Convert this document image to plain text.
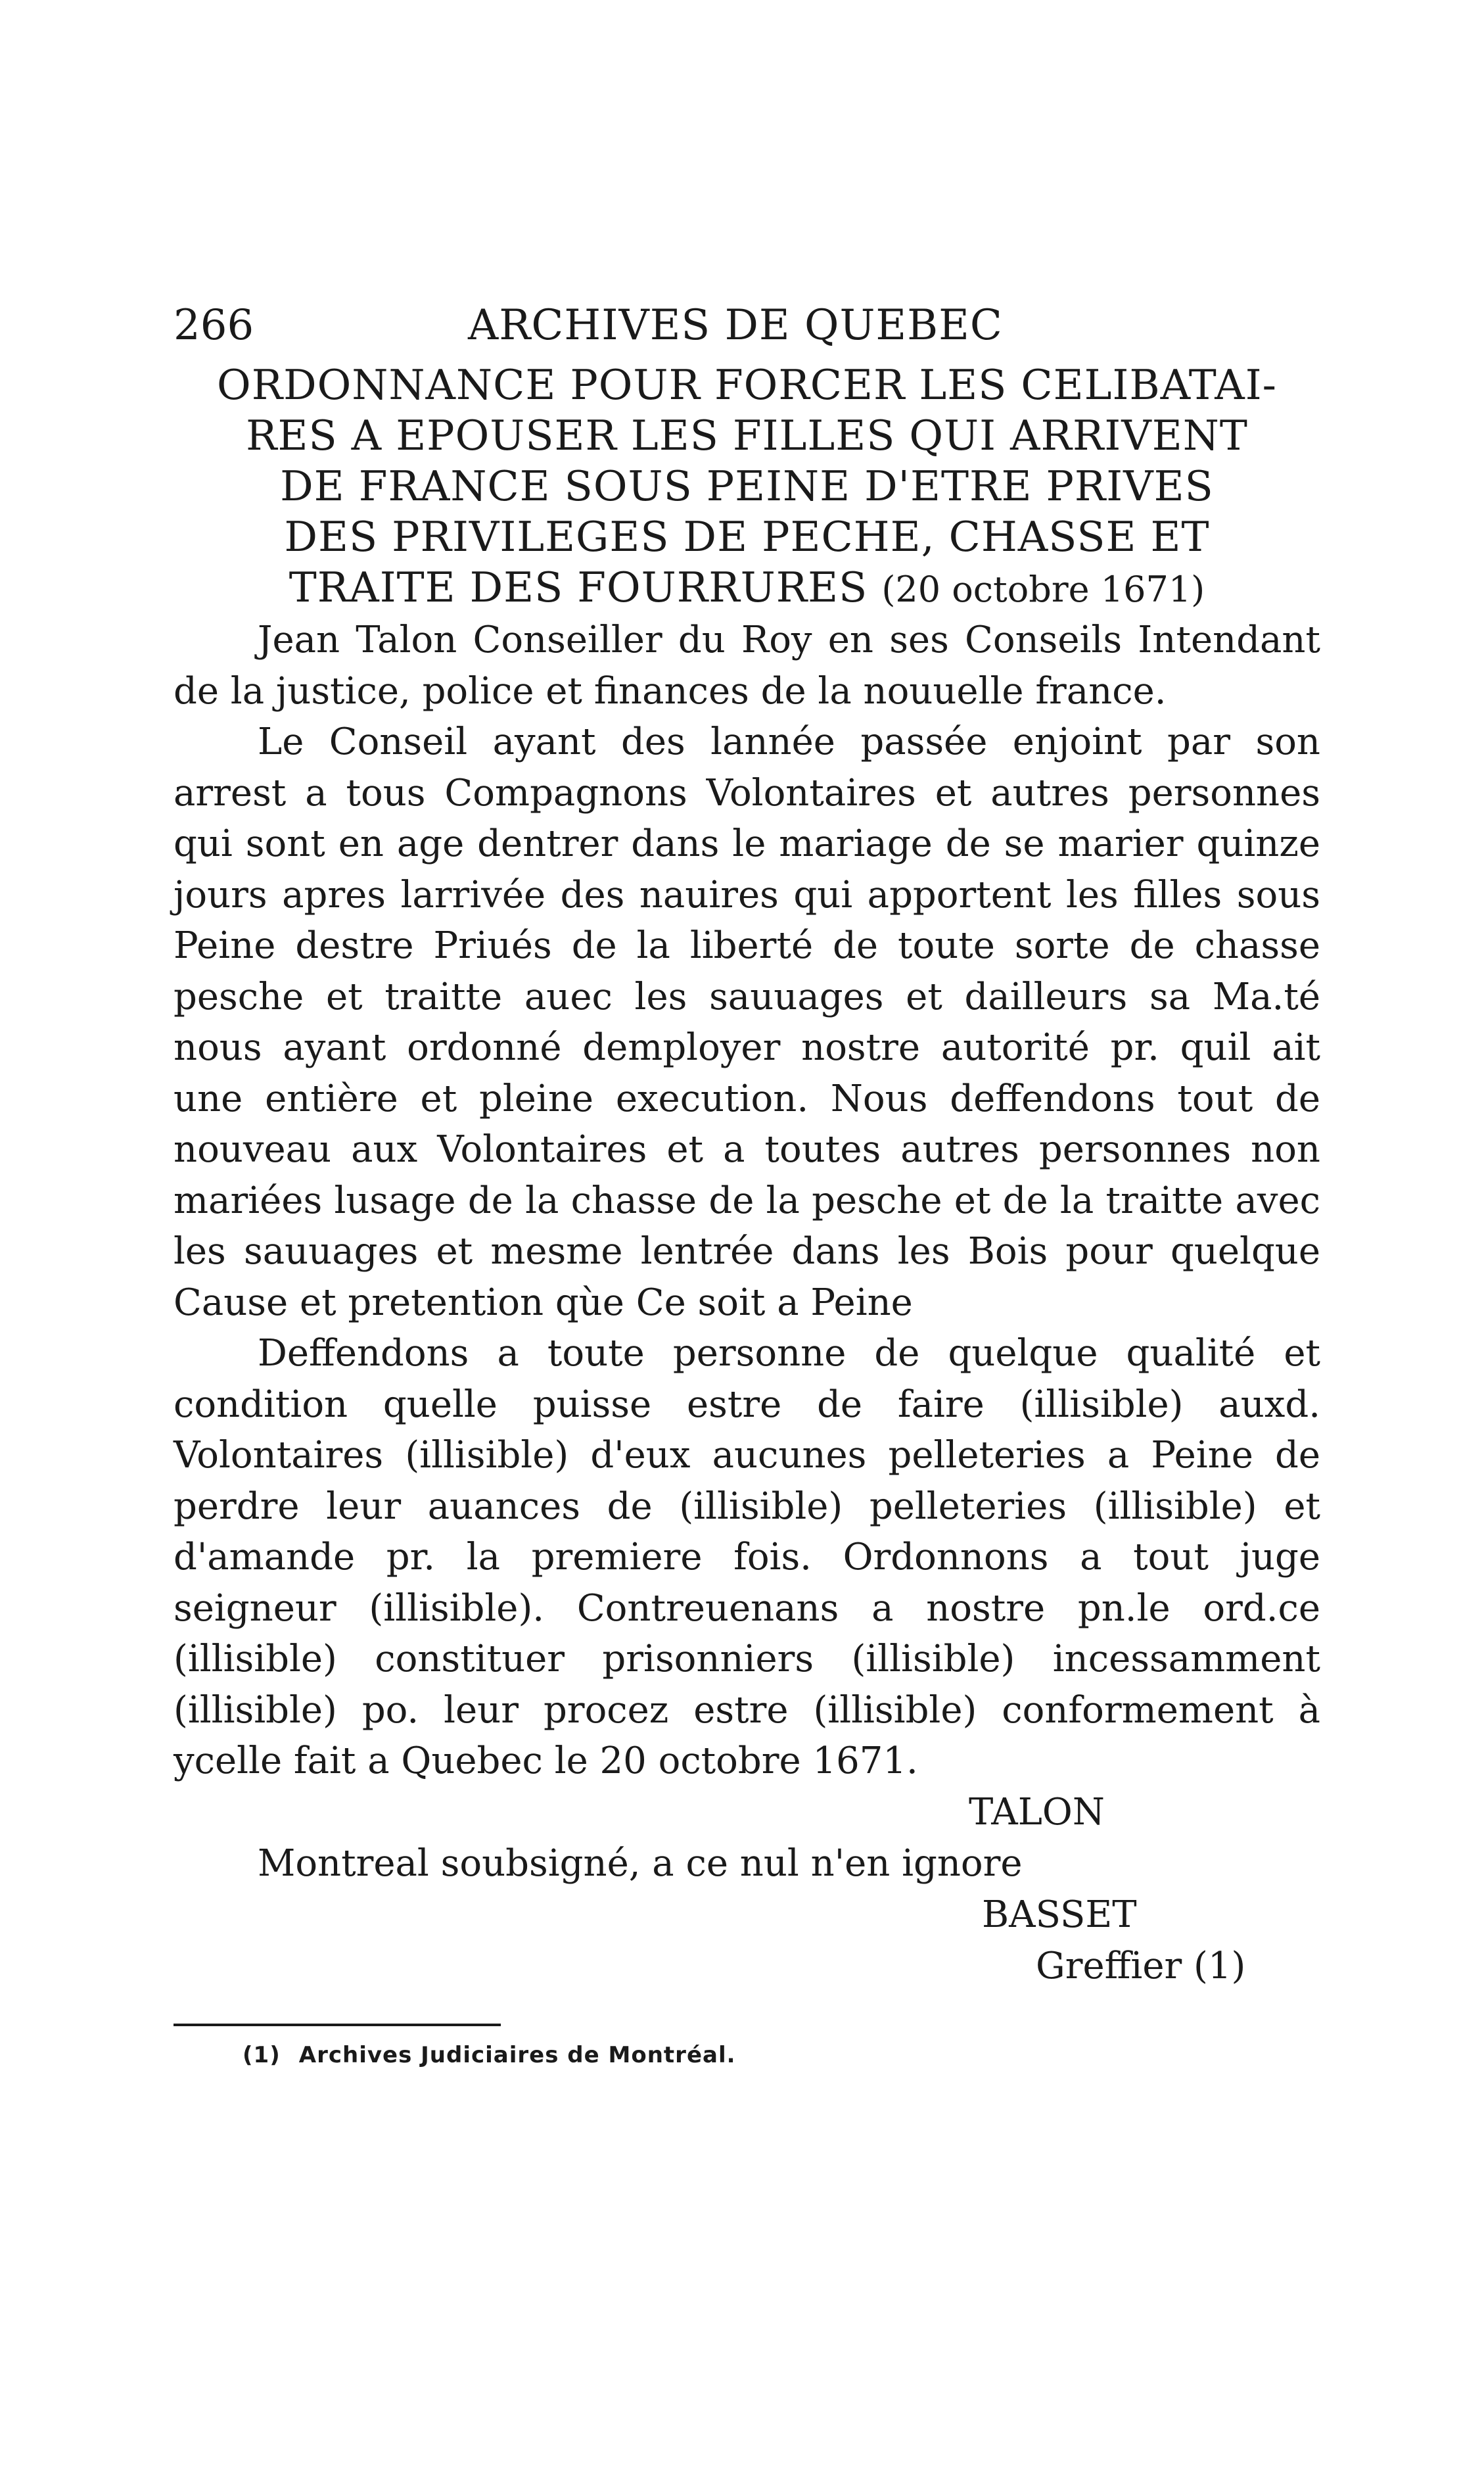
266	ARCHIVES DE QUEBEC
ORDONNANCE POUR FORCER LES CELIBATAI-
RES A EPOUSER LES FILLES QUI ARRIVENT
DE FRANCE SOUS PEINE D'ETRE PRIVES
DES PRIVILEGES DE PECHE, CHASSE ET
TRAITE DES FOURRURES (20 octobre 1671)

Jean Talon Conseiller du Roy en ses Conseils Intendant de la justice, police et finances de la nouuelle france.

Le Conseil ayant des lannée passée enjoint par son arrest a tous Compagnons Volontaires et autres personnes qui sont en age dentrer dans le mariage de se marier quinze jours apres larrivée des nauires qui apportent les filles sous Peine destre Priués de la liberté de toute sorte de chasse pesche et traitte auec les sauuages et dailleurs sa Ma.té nous ayant ordonné demployer nostre autorité pr. quil ait une entière et pleine execution. Nous deffendons tout de nouveau aux Volontaires et a toutes autres personnes non mariées lusage de la chasse de la pesche et de la traitte avec les sauuages et mesme lentrée dans les Bois pour quelque Cause et pretention qùe Ce soit a Peine

Deffendons a toute personne de quelque qualité et condition quelle puisse estre de faire (illisible) auxd. Volontaires (illisible) d'eux aucunes pelleteries a Peine de perdre leur auances de (illisible) pelleteries (illisible) et d'amande pr. la premiere fois. Ordonnons a tout juge seigneur (illisible). Contreuenans a nostre pn.le ord.ce (illisible) constituer prisonniers (illisible) incessamment (illisible) po. leur procez estre (illisible) conformement à ycelle fait a Quebec le 20 octobre 1671.

TALON
Montreal soubsigné, a ce nul n'en ignore
BASSET
Greffier (1)
(1) Archives Judiciaires de Montréal.
